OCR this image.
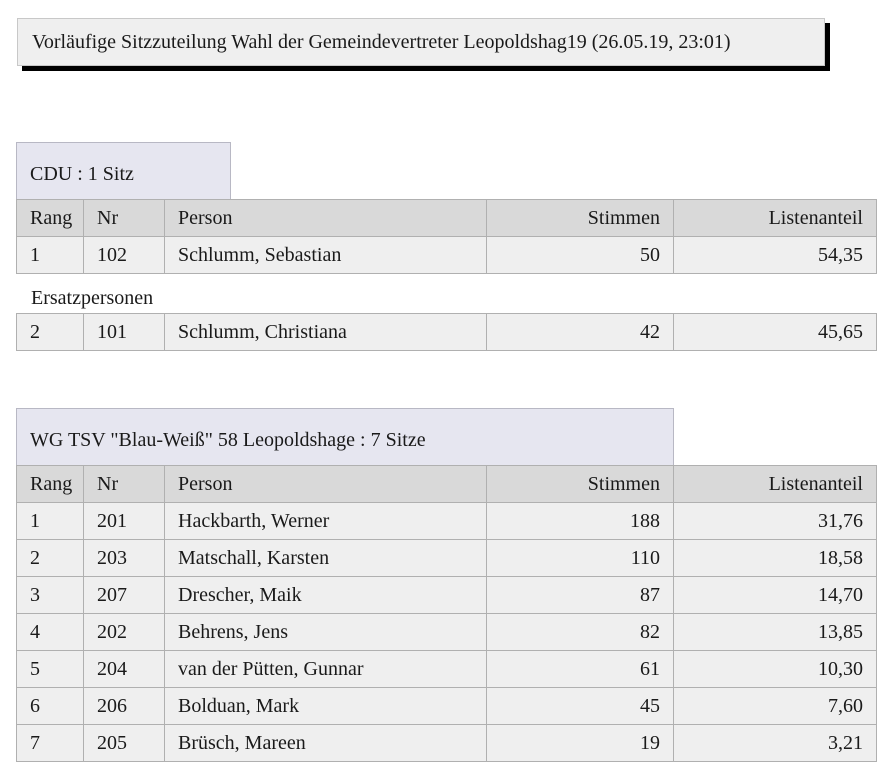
Vorläufige Sitzzuteilung Wahl der Gemeindevertreter Leopoldshag19 (26.05.19, 23:01)
CDU : 1 Sitz
Rang	Nr	Person	Stimmen	Listenanteil
1	102	Schlumm, Sebastian	50	54,35
Ersatzpersonen
2	101	Schlumm, Christiana	42	45,65
WG TSV "Blau-Weiß" 58 Leopoldshage : 7 Sitze
Rang	Nr	Person	Stimmen	Listenanteil
1	201	Hackbarth, Werner	188	31,76
2	203	Matschall, Karsten	110	18,58
3	207	Drescher, Maik	87	14,70
4	202	Behrens, Jens	82	13,85
5	204	van der Pütten, Gunnar	61	10,30
6	206	Bolduan, Mark	45	7,60
7	205	Brüsch, Mareen	19	3,21
